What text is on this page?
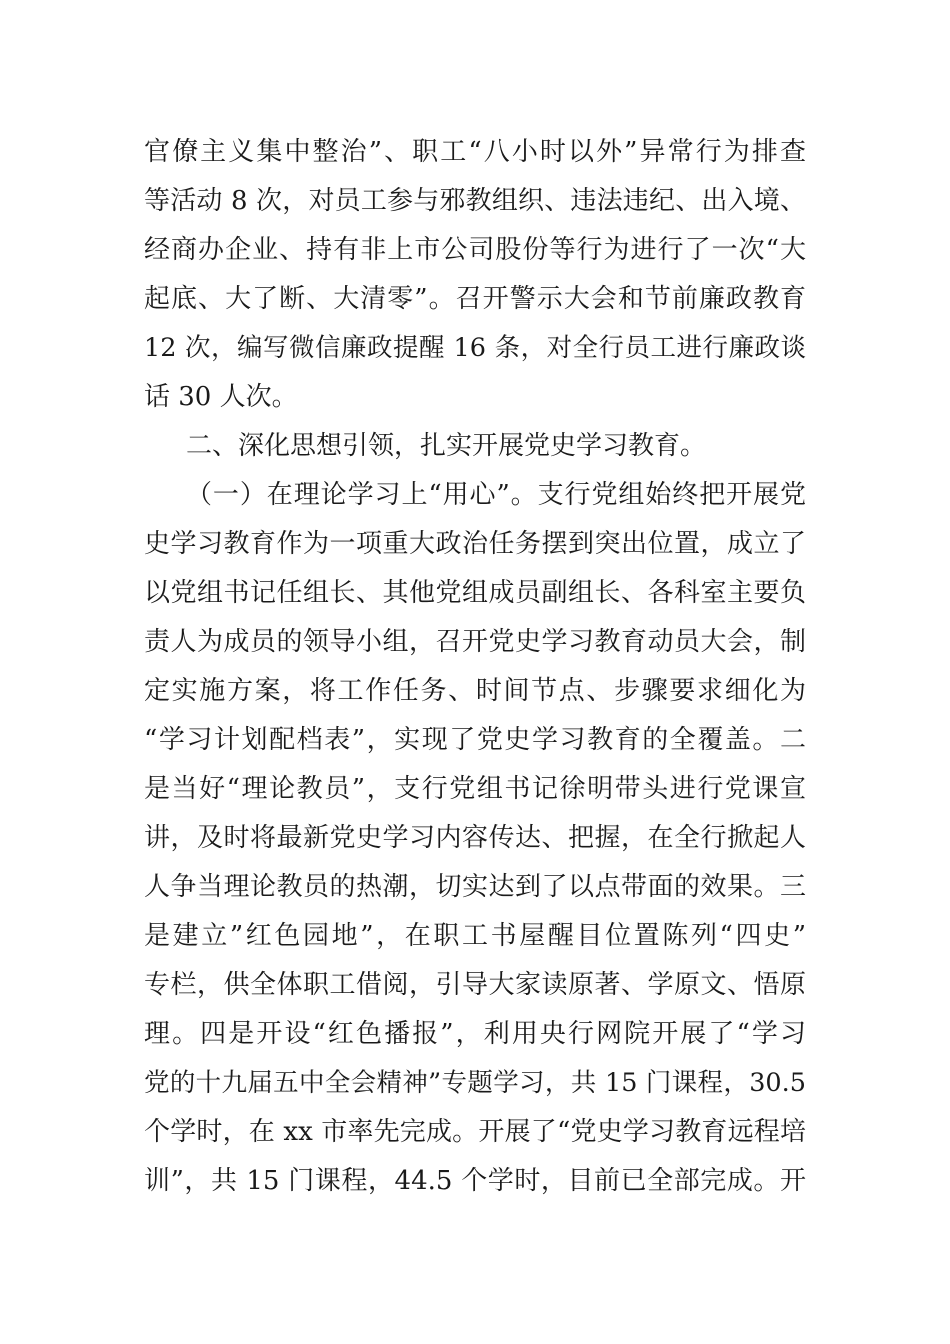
官僚主义集中整治”、职工“八小时以外”异常行为排查
等活动 8 次，对员工参与邪教组织、违法违纪、出入境、
经商办企业、持有非上市公司股份等行为进行了一次“大
起底、大了断、大清零”。召开警示大会和节前廉政教育
12 次，编写微信廉政提醒 16 条，对全行员工进行廉政谈
话 30 人次。
二、深化思想引领，扎实开展党史学习教育。
（一）在理论学习上“用心”。支行党组始终把开展党
史学习教育作为一项重大政治任务摆到突出位置，成立了
以党组书记任组长、其他党组成员副组长、各科室主要负
责人为成员的领导小组，召开党史学习教育动员大会，制
定实施方案，将工作任务、时间节点、步骤要求细化为
“学习计划配档表”，实现了党史学习教育的全覆盖。二
是当好“理论教员”，支行党组书记徐明带头进行党课宣
讲，及时将最新党史学习内容传达、把握，在全行掀起人
人争当理论教员的热潮，切实达到了以点带面的效果。三
是建立”红色园地”，在职工书屋醒目位置陈列“四史”
专栏，供全体职工借阅，引导大家读原著、学原文、悟原
理。四是开设“红色播报”，利用央行网院开展了“学习
党的十九届五中全会精神”专题学习，共 15 门课程，30.5
个学时，在 xx 市率先完成。开展了“党史学习教育远程培
训”，共 15 门课程，44.5 个学时，目前已全部完成。开
